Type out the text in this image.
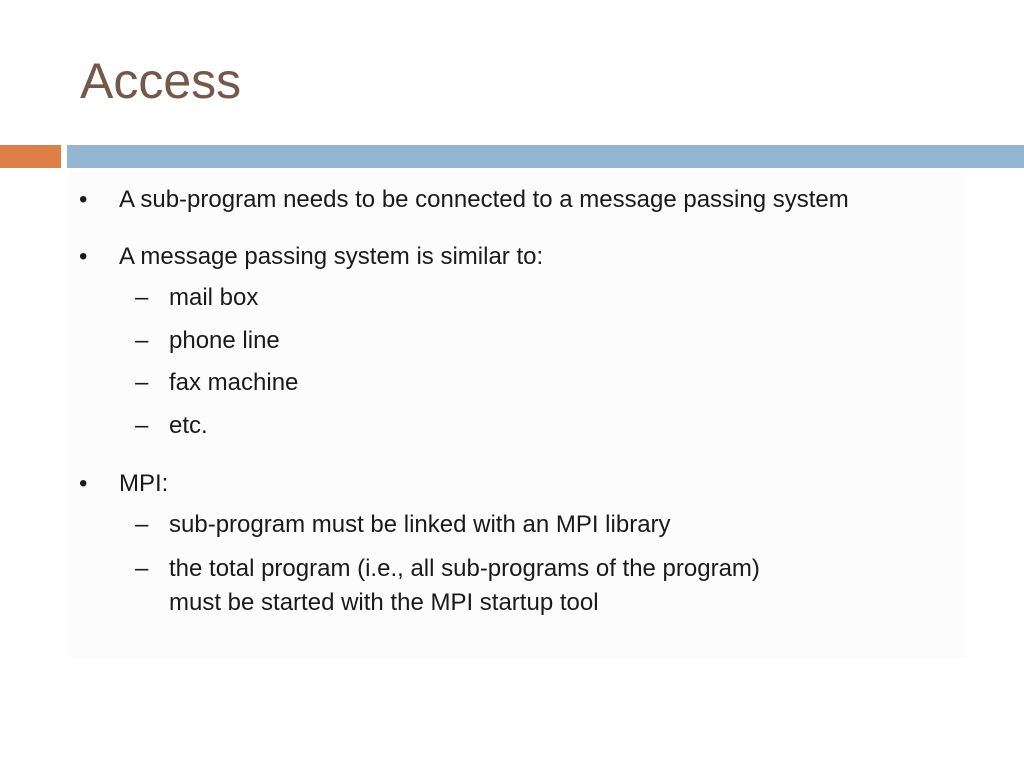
Access
• A sub-program needs to be connected to a message passing system
• A message passing system is similar to:
– mail box
– phone line
– fax machine
– etc.
• MPI:
– sub-program must be linked with an MPI library
– the total program (i.e., all sub-programs of the program)
must be started with the MPI startup tool
